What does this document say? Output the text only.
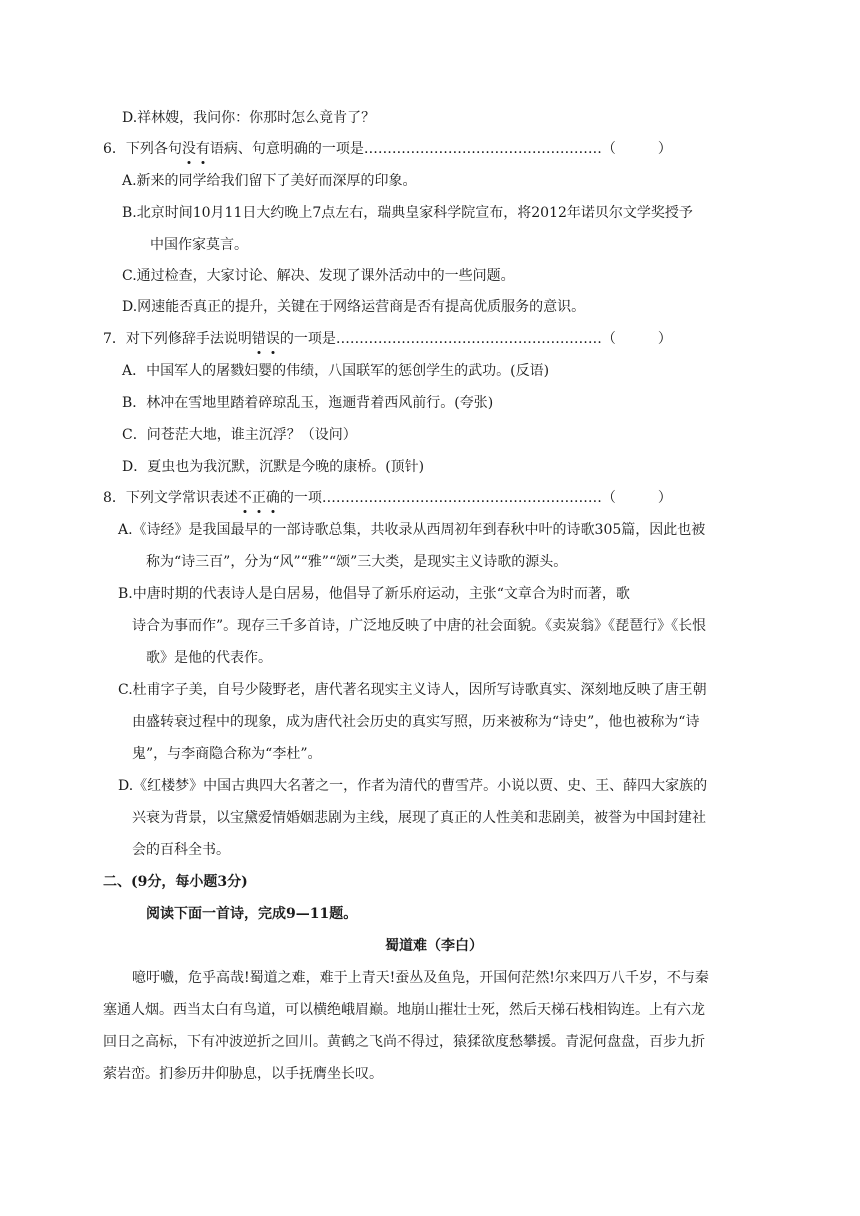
D.祥林嫂，我问你：你那时怎么竟肯了？
6．下列各句没有语病、句意明确的一项是……………………………………………（　　　）
A.新来的同学给我们留下了美好而深厚的印象。
B.北京时间10月11日大约晚上7点左右，瑞典皇家科学院宣布，将2012年诺贝尔文学奖授予
中国作家莫言。
C.通过检查，大家讨论、解决、发现了课外活动中的一些问题。
D.网速能否真正的提升，关键在于网络运营商是否有提高优质服务的意识。
7．对下列修辞手法说明错误的一项是…………………………………………………（　　　）
A．中国军人的屠戮妇婴的伟绩，八国联军的惩创学生的武功。(反语)
B．林冲在雪地里踏着碎琼乱玉，迤逦背着西风前行。(夸张)
C．问苍茫大地，谁主沉浮？（设问）
D．夏虫也为我沉默，沉默是今晚的康桥。(顶针)
8．下列文学常识表述不正确的一项……………………………………………………（　　　）
A.《诗经》是我国最早的一部诗歌总集，共收录从西周初年到春秋中叶的诗歌305篇，因此也被
称为“诗三百”，分为“风”“雅”“颂”三大类，是现实主义诗歌的源头。
B.中唐时期的代表诗人是白居易，他倡导了新乐府运动，主张“文章合为时而著，歌
诗合为事而作”。现存三千多首诗，广泛地反映了中唐的社会面貌。《卖炭翁》《琵琶行》《长恨
歌》是他的代表作。
C.杜甫字子美，自号少陵野老，唐代著名现实主义诗人，因所写诗歌真实、深刻地反映了唐王朝
由盛转衰过程中的现象，成为唐代社会历史的真实写照，历来被称为“诗史”，他也被称为“诗
鬼”，与李商隐合称为“李杜”。
D.《红楼梦》中国古典四大名著之一，作者为清代的曹雪芹。小说以贾、史、王、薛四大家族的
兴衰为背景，以宝黛爱情婚姻悲剧为主线，展现了真正的人性美和悲剧美，被誉为中国封建社
会的百科全书。
二、(9分，每小题3分)
阅读下面一首诗，完成9—11题。
蜀道难（李白）
噫吁嚱，危乎高哉!蜀道之难，难于上青天!蚕丛及鱼凫，开国何茫然!尔来四万八千岁，不与秦
塞通人烟。西当太白有鸟道，可以横绝峨眉巅。地崩山摧壮士死，然后天梯石栈相钩连。上有六龙
回日之高标，下有冲波逆折之回川。黄鹤之飞尚不得过，猿猱欲度愁攀援。青泥何盘盘，百步九折
萦岩峦。扪参历井仰胁息，以手抚膺坐长叹。
